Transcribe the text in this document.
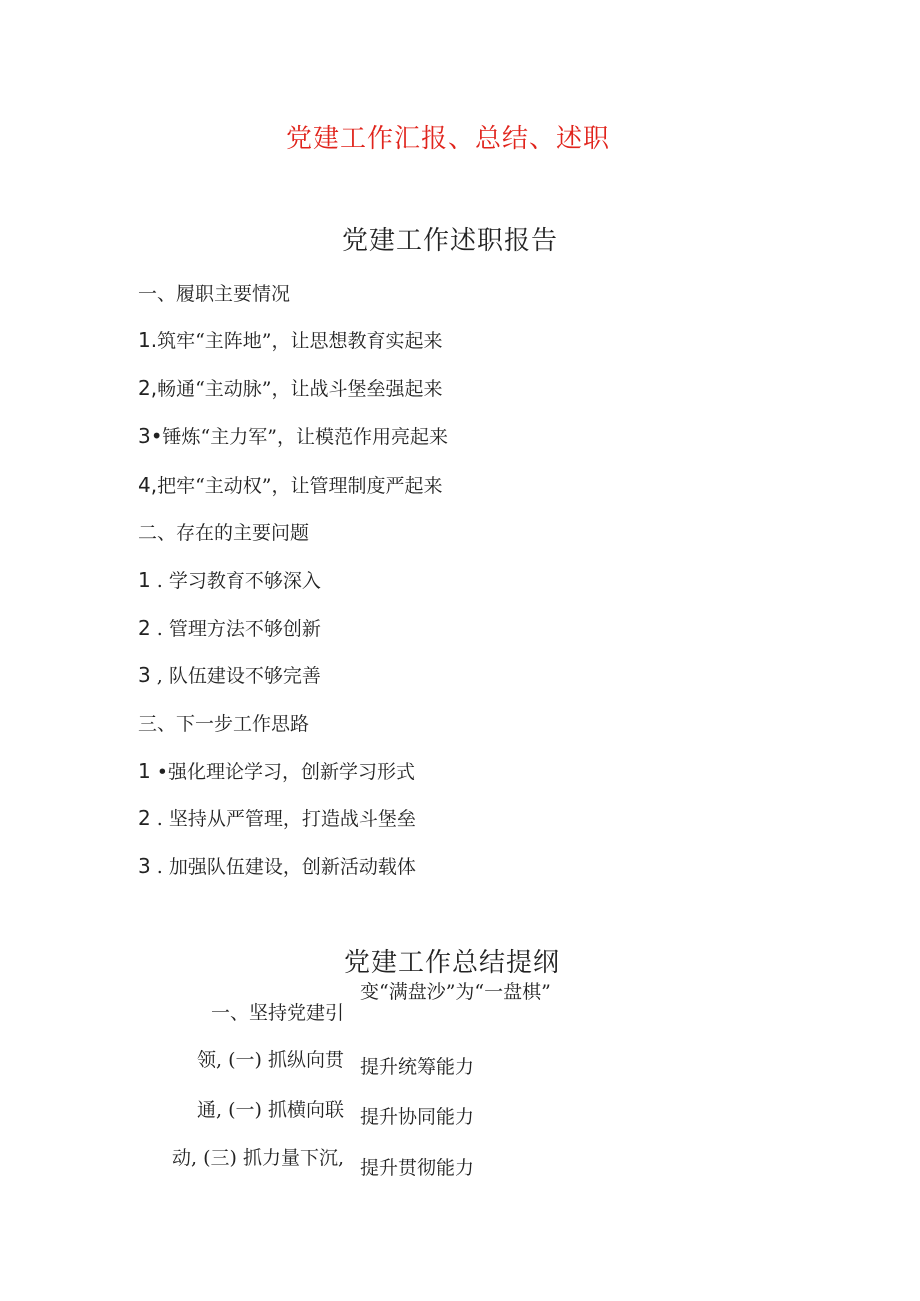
党建工作汇报、总结、述职
党建工作述职报告
一、履职主要情况
1.筑牢“主阵地”，让思想教育实起来
2,畅通“主动脉”，让战斗堡垒强起来
3•锤炼“主力军”，让模范作用亮起来
4,把牢“主动权”，让管理制度严起来
二、存在的主要问题
1 . 学习教育不够深入
2 . 管理方法不够创新
3 , 队伍建设不够完善
三、下一步工作思路
1 •强化理论学习，创新学习形式
2 . 坚持从严管理，打造战斗堡垒
3 . 加强队伍建设，创新活动载体
党建工作总结提纲
一、坚持党建引
领, (一) 抓纵向贯
通, (一) 抓横向联
动, (三) 抓力量下沉,
变“满盘沙”为“一盘棋”
提升统筹能力
提升协同能力
提升贯彻能力
